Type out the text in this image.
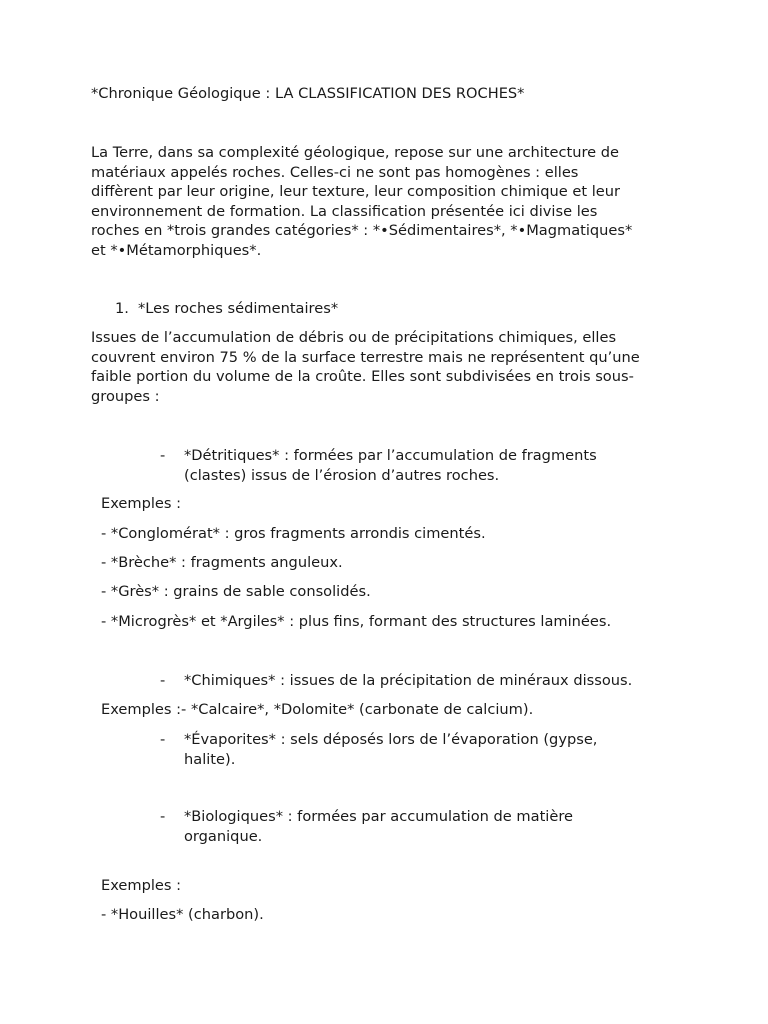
*Chronique Géologique : LA CLASSIFICATION DES ROCHES*
La Terre, dans sa complexité géologique, repose sur une architecture de
matériaux appelés roches. Celles-ci ne sont pas homogènes : elles
diffèrent par leur origine, leur texture, leur composition chimique et leur
environnement de formation. La classification présentée ici divise les
roches en *trois grandes catégories* : *•Sédimentaires*, *•Magmatiques*
et *•Métamorphiques*.
1. *Les roches sédimentaires*
Issues de l’accumulation de débris ou de précipitations chimiques, elles
couvrent environ 75 % de la surface terrestre mais ne représentent qu’une
faible portion du volume de la croûte. Elles sont subdivisées en trois sous-
groupes :
- *Détritiques* : formées par l’accumulation de fragments
(clastes) issus de l’érosion d’autres roches.
Exemples :
- *Conglomérat* : gros fragments arrondis cimentés.
- *Brèche* : fragments anguleux.
- *Grès* : grains de sable consolidés.
- *Microgrès* et *Argiles* : plus fins, formant des structures laminées.
- *Chimiques* : issues de la précipitation de minéraux dissous.
Exemples :- *Calcaire*, *Dolomite* (carbonate de calcium).
- *Évaporites* : sels déposés lors de l’évaporation (gypse,
halite).
- *Biologiques* : formées par accumulation de matière
organique.
Exemples :
- *Houilles* (charbon).
